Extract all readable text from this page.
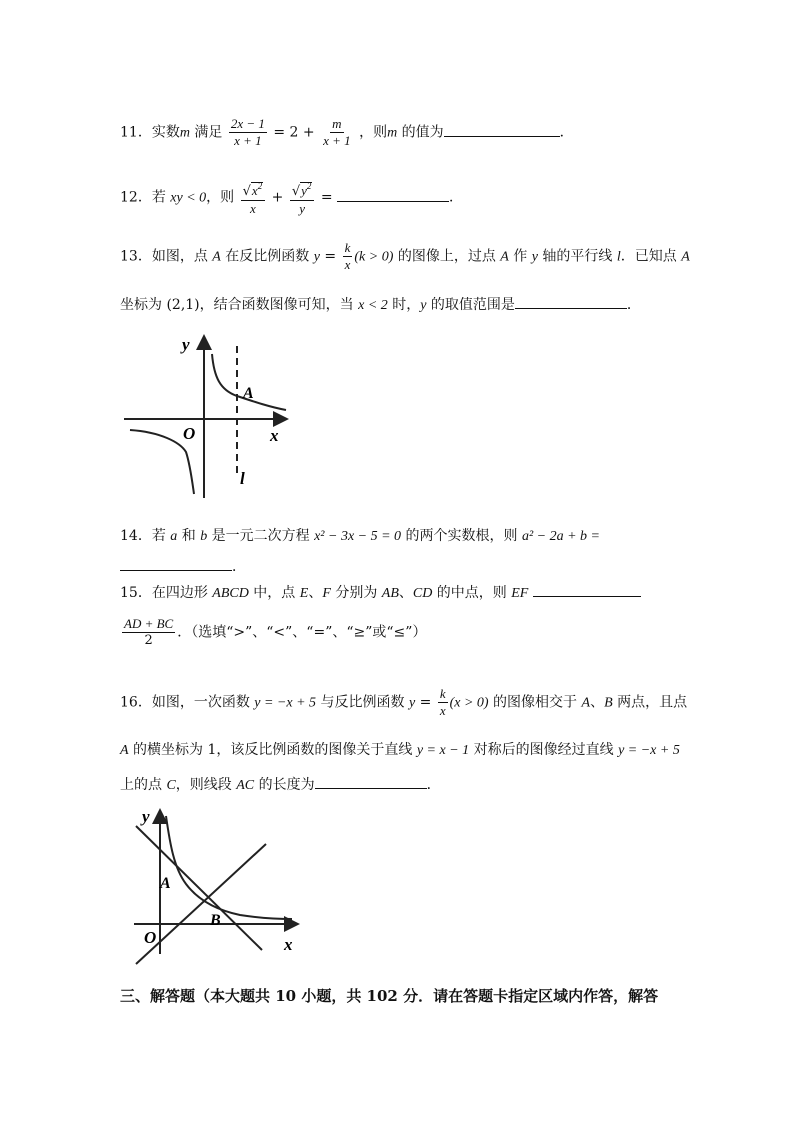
11．实数m 满足 $\frac{2x - 1}{x + 1} = 2 + \frac{m}{x + 1}$ ，则m 的值为	．
12．若 xy < 0，则 $\frac{√x^2}{x} + \frac{√y^2}{y}$ =	．
13．如图，点 A 在反比例函数 $y = \frac{k}{x} (k > 0)$ 的图像上，过点 A 作 y 轴的平行线 l．已知点 A
坐标为 (2,1)，结合函数图像可知，当 x < 2 时，y 的取值范围是	．
y
A
O	x
l
14．若 a 和 b 是一元二次方程 x² − 3x − 5 = 0 的两个实数根，则 a² − 2a + b =
．
15．在四边形 ABCD 中，点 E、F 分别为 AB、CD 的中点，则 EF
$\frac{AD + BC}{2}$ ．（选填“>”、“<”、“=”、“≥”或“≤”）
16．如图，一次函数 y = −x + 5 与反比例函数 $y = \frac{k}{x} (x > 0)$ 的图像相交于 A、B 两点，且点
A 的横坐标为 1，该反比例函数的图像关于直线 y = x − 1 对称后的图像经过直线 y = −x + 5
上的点 C，则线段 AC 的长度为	．
y
A
B
O	x
三、解答题（本大题共 10 小题，共 102 分．请在答题卡指定区域内作答，解答
